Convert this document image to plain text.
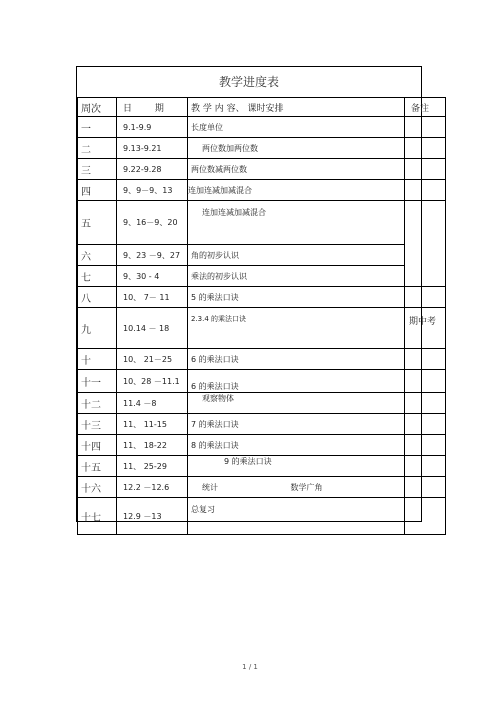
教学进度表
周次	日 期	教 学 内 容、 课时安排	备注
一	9.1-9.9	长度单位	
二	9.13-9.21	两位数加两位数	
三	9.22-9.28	两位数减两位数	
四	9、9－9、13	连加连减加减混合	
五	9、16－9、20	连加连减加减混合	
六	9、23 －9、27	角的初步认识	
七	9、30 - 4	乘法的初步认识	
八	10、 7－ 11	5 的乘法口诀	
九	10.14 － 18	2.3.4 的乘法口诀	期中考
十	10、 21－25	6 的乘法口诀	
十一	10、28 －11.1	6 的乘法口诀	
十二	11.4 －8	观察物体	
十三	11、 11-15	7 的乘法口诀	
十四	11、 18-22	8 的乘法口诀	
十五	11、 25-29	9 的乘法口诀	
十六	12.2 －12.6	统计 数学广角	
十七	12.9 －13	总复习	
1 / 1
